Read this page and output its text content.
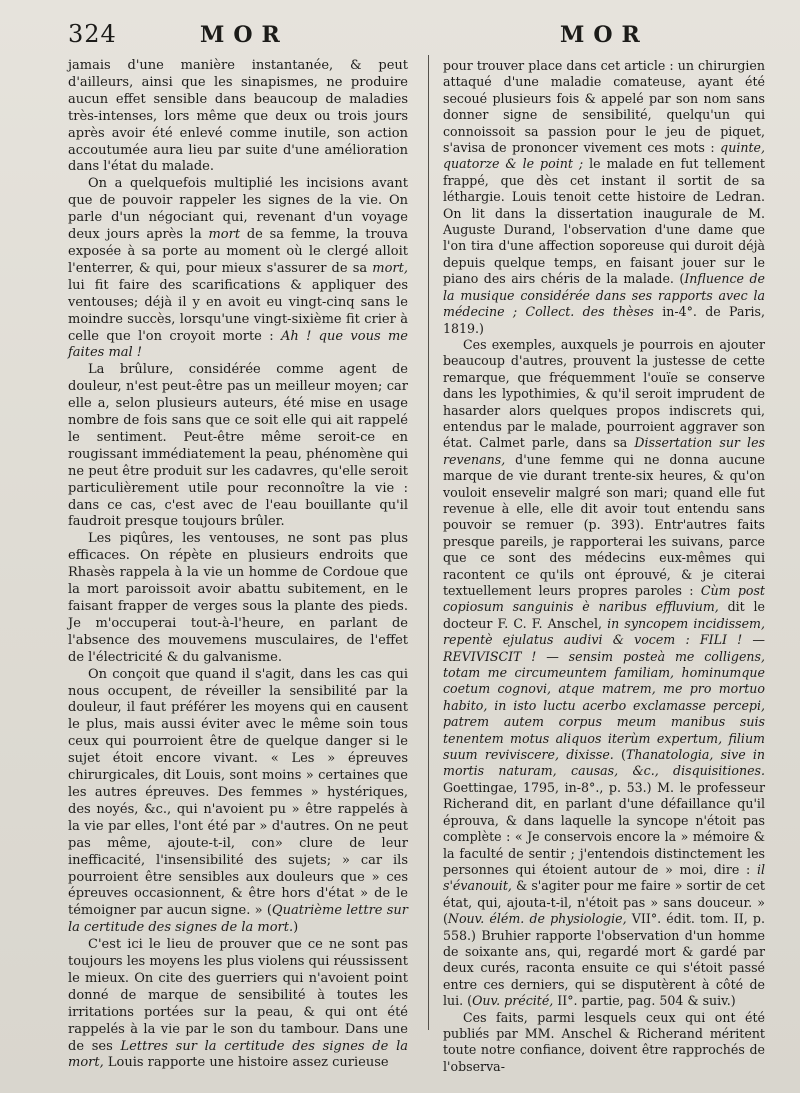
324	MOR	MOR

jamais d'une manière instantanée, & peut d'ailleurs, ainsi que les sinapismes, ne produire aucun effet sensible dans beaucoup de maladies très-intenses, lors même que deux ou trois jours après avoir été enlevé comme inutile, son action accoutumée aura lieu par suite d'une amélioration dans l'état du malade.

On a quelquefois multiplié les incisions avant que de pouvoir rappeler les signes de la vie. On parle d'un négociant qui, revenant d'un voyage deux jours après la mort de sa femme, la trouva exposée à sa porte au moment où le clergé alloit l'enterrer, & qui, pour mieux s'assurer de sa mort, lui fit faire des scarifications & appliquer des ventouses; déjà il y en avoit eu vingt-cinq sans le moindre succès, lorsqu'une vingt-sixième fit crier à celle que l'on croyoit morte : Ah ! que vous me faites mal !

La brûlure, considérée comme agent de douleur, n'est peut-être pas un meilleur moyen; car elle a, selon plusieurs auteurs, été mise en usage nombre de fois sans que ce soit elle qui ait rappelé le sentiment. Peut-être même seroit-ce en rougissant immédiatement la peau, phénomène qui ne peut être produit sur les cadavres, qu'elle seroit particulièrement utile pour reconnoître la vie : dans ce cas, c'est avec de l'eau bouillante qu'il faudroit presque toujours brûler.

Les piqûres, les ventouses, ne sont pas plus efficaces. On répète en plusieurs endroits que Rhasès rappela à la vie un homme de Cordoue que la mort paroissoit avoir abattu subitement, en le faisant frapper de verges sous la plante des pieds. Je m'occuperai tout-à-l'heure, en parlant de l'absence des mouvemens musculaires, de l'effet de l'électricité & du galvanisme.

On conçoit que quand il s'agit, dans les cas qui nous occupent, de réveiller la sensibilité par la douleur, il faut préférer les moyens qui en causent le plus, mais aussi éviter avec le même soin tous ceux qui pourroient être de quelque danger si le sujet étoit encore vivant. « Les » épreuves chirurgicales, dit Louis, sont moins » certaines que les autres épreuves. Des femmes » hystériques, des noyés, &c., qui n'avoient pu » être rappelés à la vie par elles, l'ont été par » d'autres. On ne peut pas même, ajoute-t-il, con» clure de leur inefficacité, l'insensibilité des sujets; » car ils pourroient être sensibles aux douleurs que » ces épreuves occasionnent, & être hors d'état » de le témoigner par aucun signe. » (Quatrième lettre sur la certitude des signes de la mort.)

C'est ici le lieu de prouver que ce ne sont pas toujours les moyens les plus violens qui réussissent le mieux. On cite des guerriers qui n'avoient point donné de marque de sensibilité à toutes les irritations portées sur la peau, & qui ont été rappelés à la vie par le son du tambour. Dans une de ses Lettres sur la certitude des signes de la mort, Louis rapporte une histoire assez curieuse

pour trouver place dans cet article : un chirurgien attaqué d'une maladie comateuse, ayant été secoué plusieurs fois & appelé par son nom sans donner signe de sensibilité, quelqu'un qui connoissoit sa passion pour le jeu de piquet, s'avisa de prononcer vivement ces mots : quinte, quatorze & le point ; le malade en fut tellement frappé, que dès cet instant il sortit de sa léthargie. Louis tenoit cette histoire de Ledran. On lit dans la dissertation inaugurale de M. Auguste Durand, l'observation d'une dame que l'on tira d'une affection soporeuse qui duroit déjà depuis quelque temps, en faisant jouer sur le piano des airs chéris de la malade. (Influence de la musique considérée dans ses rapports avec la médecine ; Collect. des thèses in-4°. de Paris, 1819.)

Ces exemples, auxquels je pourrois en ajouter beaucoup d'autres, prouvent la justesse de cette remarque, que fréquemment l'ouïe se conserve dans les lypothimies, & qu'il seroit imprudent de hasarder alors quelques propos indiscrets qui, entendus par le malade, pourroient aggraver son état. Calmet parle, dans sa Dissertation sur les revenans, d'une femme qui ne donna aucune marque de vie durant trente-six heures, & qu'on vouloit ensevelir malgré son mari; quand elle fut revenue à elle, elle dit avoir tout entendu sans pouvoir se remuer (p. 393). Entr'autres faits presque pareils, je rapporterai les suivans, parce que ce sont des médecins eux-mêmes qui racontent ce qu'ils ont éprouvé, & je citerai textuellement leurs propres paroles : Cùm post copiosum sanguinis è naribus effluvium, dit le docteur F. C. F. Anschel, in syncopem incidissem, repentè ejulatus audivi & vocem : FILI ! — REVIVISCIT ! — sensim posteà me colligens, totam me circumeuntem familiam, hominumque coetum cognovi, atque matrem, me pro mortuo habito, in isto luctu acerbo exclamasse percepi, patrem autem corpus meum manibus suis tenentem motus aliquos iterùm expertum, filium suum reviviscere, dixisse. (Thanatologia, sive in mortis naturam, causas, &c., disquisitiones. Goettingae, 1795, in-8°., p. 53.) M. le professeur Richerand dit, en parlant d'une défaillance qu'il éprouva, & dans laquelle la syncope n'étoit pas complète : « Je conservois encore la » mémoire & la faculté de sentir ; j'entendois distinctement les personnes qui étoient autour de » moi, dire : il s'évanouit, & s'agiter pour me faire » sortir de cet état, qui, ajouta-t-il, n'étoit pas » sans douceur. » (Nouv. élém. de physiologie, VII°. édit. tom. II, p. 558.) Bruhier rapporte l'observation d'un homme de soixante ans, qui, regardé mort & gardé par deux curés, raconta ensuite ce qui s'étoit passé entre ces derniers, qui se disputèrent à côté de lui. (Ouv. précité, II°. partie, pag. 504 & suiv.)

Ces faits, parmi lesquels ceux qui ont été publiés par MM. Anschel & Richerand méritent toute notre confiance, doivent être rapprochés de l'observa-
